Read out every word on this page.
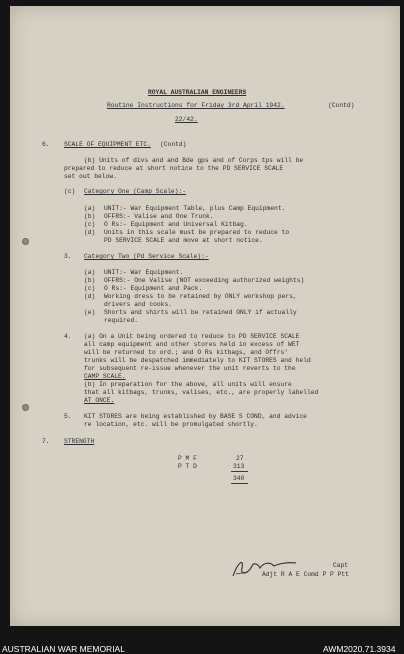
ROYAL AUSTRALIAN ENGINEERS
Routine Instructions for Friday 3rd April 1942.	(Contd)
22/42.
6. SCALE OF EQUIPMENT ETC. (Contd)
(b) Units of divs and and Bde gps and of Corps tps will be
prepared to reduce at short notice to the PD SERVICE SCALE
set out below.
(c) Category One (Camp Scale):-
(a) UNIT:- War Equipment Table, plus Camp Equipment.
(b) OFFRS:- Valise and One Trunk.
(c) O Rs:- Equipment and Universal Kitbag.
(d) Units in this scale must be prepared to reduce to
PD SERVICE SCALE and move at short notice.
3. Category Two (Pd Service Scale):-
(a) UNIT:- War Equipment.
(b) OFFRS:- One Valise (NOT exceeding authorized weights)
(c) O Rs:- Equipment and Pack.
(d) Working dress to be retained by ONLY workshop pers,
drivers and cooks.
(e) Shorts and shirts will be retained ONLY if actually
required.
4. (a) On a Unit being ordered to reduce to PD SERVICE SCALE
all camp equipment and other stores held in excess of WET
will be returned to ord.; and O Rs kitbags, and Offrs'
trunks will be despatched immediately to KIT STORES and held
for subsequent re-issue whenever the unit reverts to the
CAMP SCALE.
(b) In preparation for the above, all units will ensure
that all kitbags, trunks, valises, etc., are properly labelled
AT ONCE.
5. KIT STORES are being established by BASE S COND, and advice
re location, etc. will be promulgated shortly.
7. STRENGTH
P M F	27
P T D	313
340
Capt
Adjt R A E Comd P P Ptt
AUSTRALIAN WAR MEMORIAL	AWM2020.71.3934
